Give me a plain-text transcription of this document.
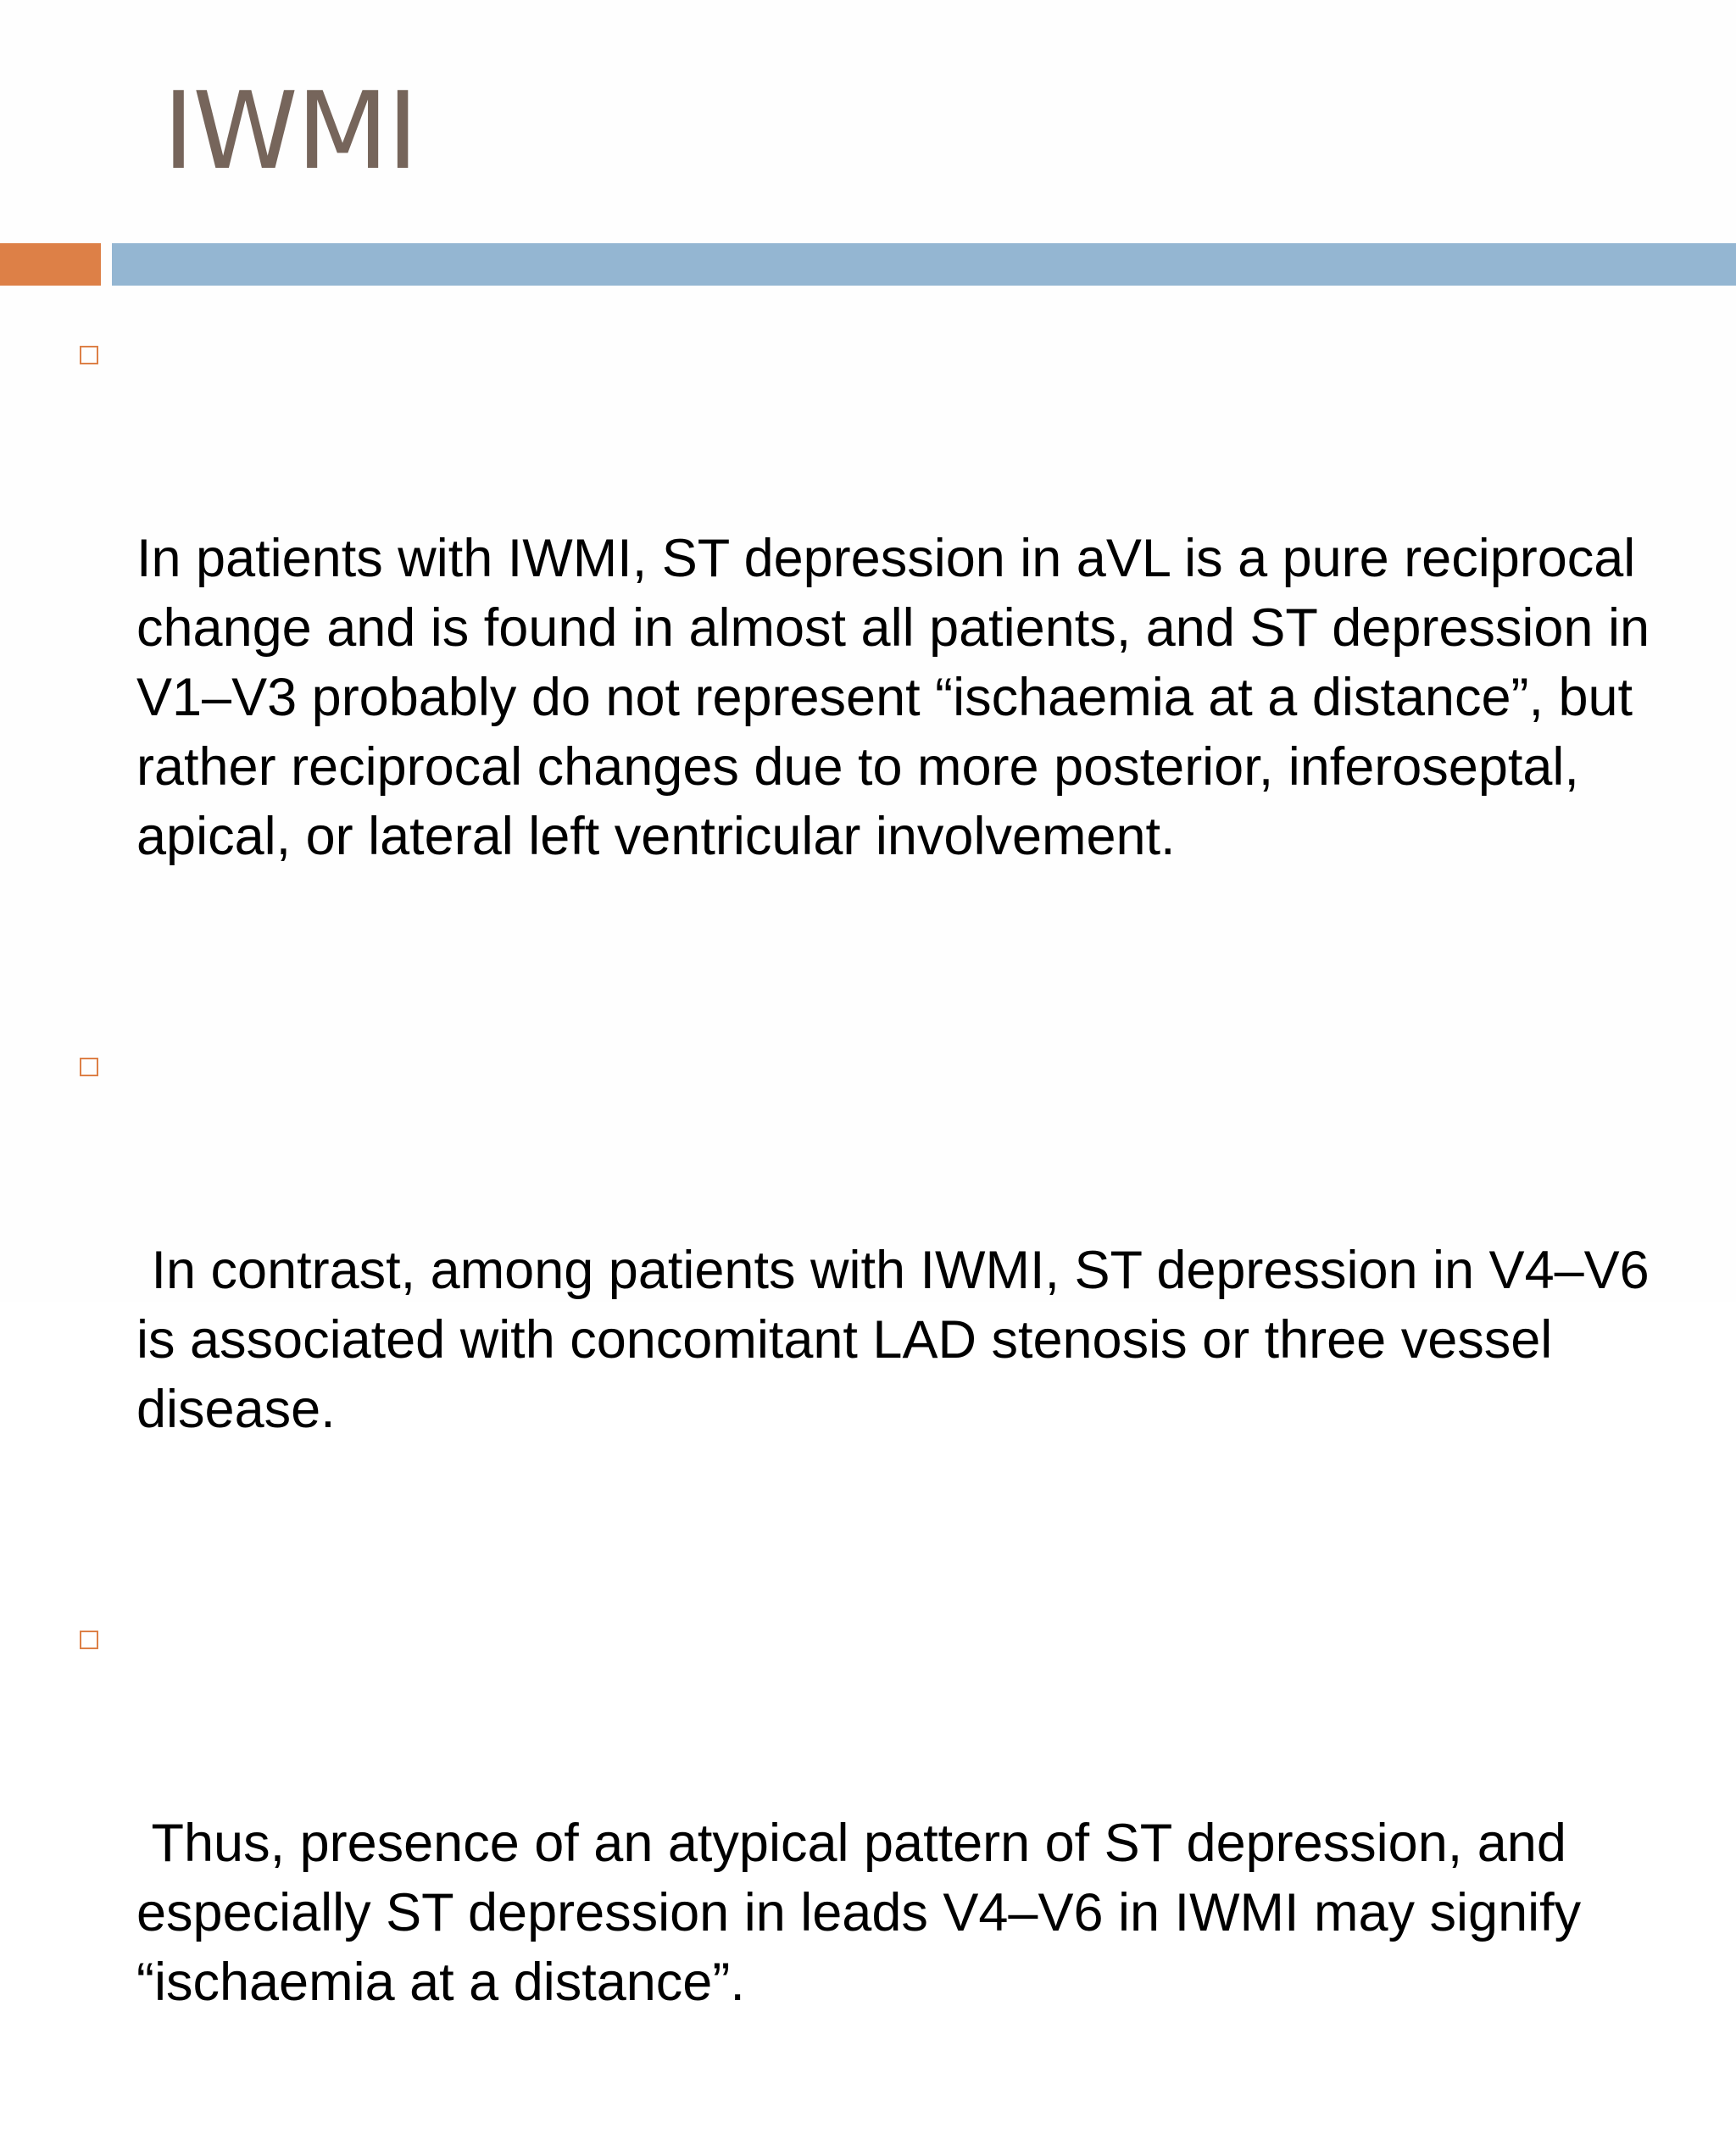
IWMI

In patients with IWMI, ST depression in aVL is a pure reciprocal change and is found in almost all patients, and ST depression in  V1–V3 probably do not represent “ischaemia at a distance”, but rather reciprocal changes due to more posterior, inferoseptal, apical, or lateral left ventricular involvement.

In contrast, among patients with IWMI, ST depression in V4–V6 is associated with concomitant LAD stenosis or three vessel disease.

Thus, presence of an atypical pattern of ST depression, and especially ST depression in leads V4–V6 in IWMI may signify “ischaemia at a distance”.
